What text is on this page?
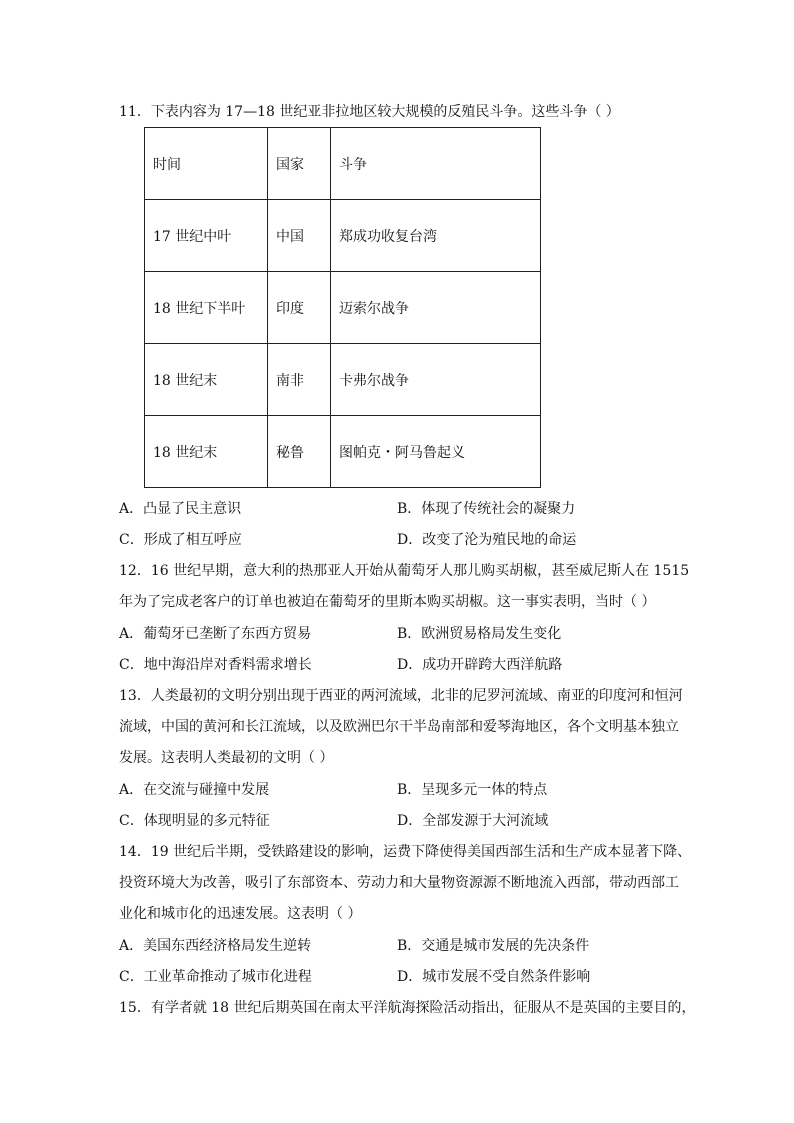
11．下表内容为 17—18 世纪亚非拉地区较大规模的反殖民斗争。这些斗争（ ）
时间	国家	斗争
17 世纪中叶	中国	郑成功收复台湾
18 世纪下半叶	印度	迈索尔战争
18 世纪末	南非	卡弗尔战争
18 世纪末	秘鲁	图帕克・阿马鲁起义
A．凸显了民主意识	B．体现了传统社会的凝聚力
C．形成了相互呼应	D．改变了沦为殖民地的命运
12．16 世纪早期，意大利的热那亚人开始从葡萄牙人那儿购买胡椒，甚至威尼斯人在 1515
年为了完成老客户的订单也被迫在葡萄牙的里斯本购买胡椒。这一事实表明，当时（ ）
A．葡萄牙已垄断了东西方贸易	B．欧洲贸易格局发生变化
C．地中海沿岸对香料需求增长	D．成功开辟跨大西洋航路
13．人类最初的文明分别出现于西亚的两河流域，北非的尼罗河流域、南亚的印度河和恒河
流域，中国的黄河和长江流域，以及欧洲巴尔干半岛南部和爱琴海地区，各个文明基本独立
发展。这表明人类最初的文明（ ）
A．在交流与碰撞中发展	B．呈现多元一体的特点
C．体现明显的多元特征	D．全部发源于大河流域
14．19 世纪后半期，受铁路建设的影响，运费下降使得美国西部生活和生产成本显著下降、
投资环境大为改善，吸引了东部资本、劳动力和大量物资源源不断地流入西部，带动西部工
业化和城市化的迅速发展。这表明（ ）
A．美国东西经济格局发生逆转	B．交通是城市发展的先决条件
C．工业革命推动了城市化进程	D．城市发展不受自然条件影响
15．有学者就 18 世纪后期英国在南太平洋航海探险活动指出，征服从不是英国的主要目的，
